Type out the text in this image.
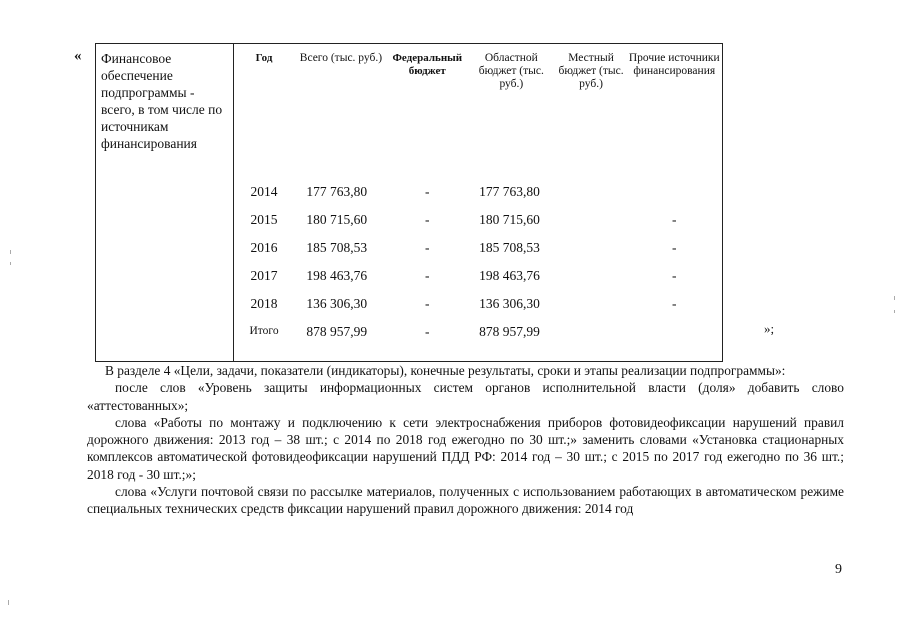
« Финансовое обеспечение подпрограммы - всего, в том числе по источникам финансирования	Год	Всего (тыс. руб.)	Федеральный бюджет	Областной бюджет (тыс. руб.)	Местный бюджет (тыс. руб.)	Прочие источники финансирования
	2014	177 763,80	-	177 763,80		
	2015	180 715,60	-	180 715,60		-
	2016	185 708,53	-	185 708,53		-
	2017	198 463,76	-	198 463,76		-
	2018	136 306,30	-	136 306,30		-
	Итого	878 957,99	-	878 957,99			»;

В разделе 4 «Цели, задачи, показатели (индикаторы), конечные результаты, сроки и этапы реализации подпрограммы»:

после слов «Уровень защиты информационных систем органов исполнительной власти (доля» добавить слово «аттестованных»;

слова «Работы по монтажу и подключению к сети электроснабжения приборов фотовидеофиксации нарушений правил дорожного движения: 2013 год – 38 шт.; с 2014 по 2018 год ежегодно по 30 шт.;» заменить словами «Установка стационарных комплексов автоматической фотовидеофиксации нарушений ПДД РФ: 2014 год – 30 шт.; с 2015 по 2017 год ежегодно по 36 шт.; 2018 год - 30 шт.;»;

слова «Услуги почтовой связи по рассылке материалов, полученных с использованием работающих в автоматическом режиме специальных технических средств фиксации нарушений правил дорожного движения: 2014 год

9
